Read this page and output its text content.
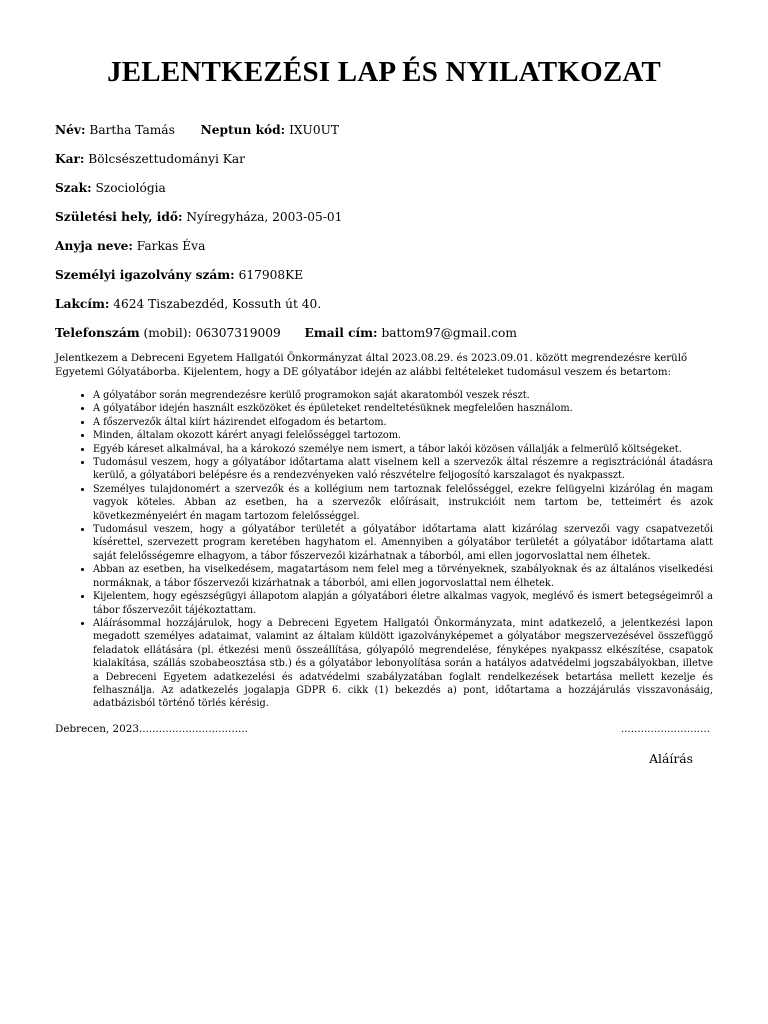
JELENTKEZÉSI LAP ÉS NYILATKOZAT
Név: Bartha Tamás Neptun kód: IXU0UT
Kar: Bölcsészettudományi Kar
Szak: Szociológia
Születési hely, idő: Nyíregyháza, 2003-05-01
Anyja neve: Farkas Éva
Személyi igazolvány szám: 617908KE
Lakcím: 4624 Tiszabezdéd, Kossuth út 40.
Telefonszám (mobil): 06307319009 Email cím: battom97@gmail.com
Jelentkezem a Debreceni Egyetem Hallgatói Önkormányzat által 2023.08.29. és 2023.09.01. között megrendezésre kerülő Egyetemi Gólyatáborba. Kijelentem, hogy a DE gólyatábor idején az alábbi feltételeket tudomásul veszem és betartom:
• A gólyatábor során megrendezésre kerülő programokon saját akaratomból veszek részt.
• A gólyatábor idején használt eszközöket és épületeket rendeltetésüknek megfelelően használom.
• A főszervezők által kiírt házirendet elfogadom és betartom.
• Minden, általam okozott kárért anyagi felelősséggel tartozom.
• Egyéb káreset alkalmával, ha a károkozó személye nem ismert, a tábor lakói közösen vállalják a felmerülő költségeket.
• Tudomásul veszem, hogy a gólyatábor időtartama alatt viselnem kell a szervezők által részemre a regisztrációnál átadásra kerülő, a gólyatábori belépésre és a rendezvényeken való részvételre feljogosító karszalagot és nyakpasszt.
• Személyes tulajdonomért a szervezők és a kollégium nem tartoznak felelősséggel, ezekre felügyelni kizárólag én magam vagyok köteles. Abban az esetben, ha a szervezők előírásait, instrukcióit nem tartom be, tetteimért és azok következményeiért én magam tartozom felelősséggel.
• Tudomásul veszem, hogy a gólyatábor területét a gólyatábor időtartama alatt kizárólag szervezői vagy csapatvezetői kísérettel, szervezett program keretében hagyhatom el. Amennyiben a gólyatábor területét a gólyatábor időtartama alatt saját felelősségemre elhagyom, a tábor főszervezői kizárhatnak a táborból, ami ellen jogorvoslattal nem élhetek.
• Abban az esetben, ha viselkedésem, magatartásom nem felel meg a törvényeknek, szabályoknak és az általános viselkedési normáknak, a tábor főszervezői kizárhatnak a táborból, ami ellen jogorvoslattal nem élhetek.
• Kijelentem, hogy egészségügyi állapotom alapján a gólyatábori életre alkalmas vagyok, meglévő és ismert betegségeimről a tábor főszervezőit tájékoztattam.
• Aláírásommal hozzájárulok, hogy a Debreceni Egyetem Hallgatói Önkormányzata, mint adatkezelő, a jelentkezési lapon megadott személyes adataimat, valamint az általam küldött igazolványképemet a gólyatábor megszervezésével összefüggő feladatok ellátására (pl. étkezési menü összeállítása, gólyapóló megrendelése, fényképes nyakpassz elkészítése, csapatok kialakítása, szállás szobabeosztása stb.) és a gólyatábor lebonyolítása során a hatályos adatvédelmi jogszabályokban, illetve a Debreceni Egyetem adatkezelési és adatvédelmi szabályzatában foglalt rendelkezések betartása mellett kezelje és felhasználja. Az adatkezelés jogalapja GDPR 6. cikk (1) bekezdés a) pont, időtartama a hozzájárulás visszavonásáig, adatbázisból történő törlés kérésig.
Debrecen, 2023.................................	...........................
Aláírás
